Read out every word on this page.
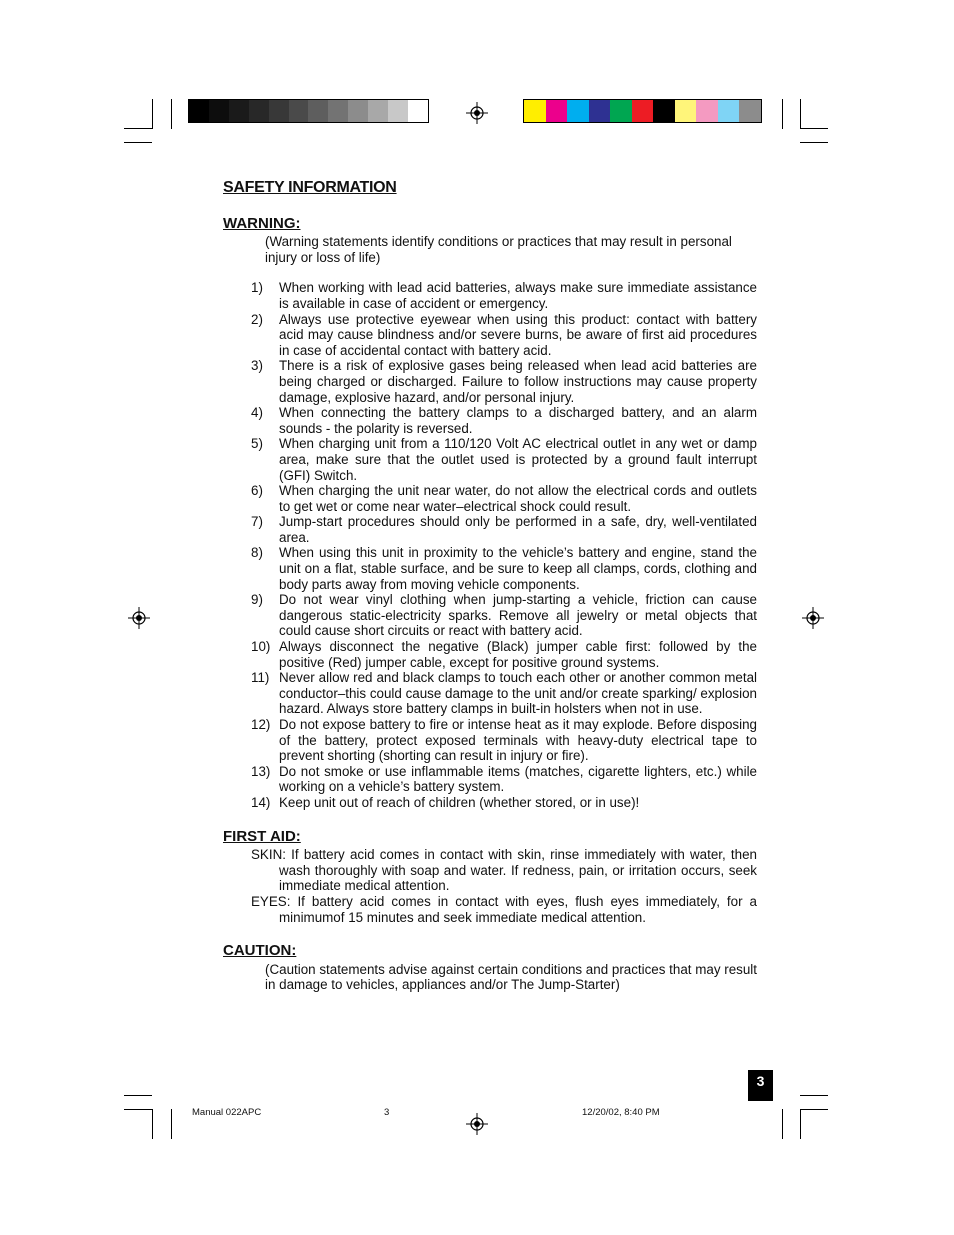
SAFETY INFORMATION
WARNING:
(Warning statements identify conditions or practices that may result in personal injury or loss of life)
1)	When working with lead acid batteries, always make sure immediate assistance is available in case of accident or emergency.
2)	Always use protective eyewear when using this product: contact with battery acid may cause blindness and/or severe burns, be aware of first aid procedures in case of accidental contact with battery acid.
3)	There is a risk of explosive gases being released when lead acid batteries are being charged or discharged. Failure to follow instructions may cause property damage, explosive hazard, and/or personal injury.
4)	When connecting the battery clamps to a discharged battery, and an alarm sounds - the polarity is reversed.
5)	When charging unit from a 110/120 Volt AC electrical outlet in any wet or damp area, make sure that the outlet used is protected by a ground fault interrupt (GFI) Switch.
6)	When charging the unit near water, do not allow the electrical cords and outlets to get wet or come near water–electrical shock could result.
7)	Jump-start procedures should only be performed in a safe, dry, well-ventilated area.
8)	When using this unit in proximity to the vehicle’s battery and engine, stand the unit on a flat, stable surface, and be sure to keep all clamps, cords, clothing and body parts away from moving vehicle components.
9)	Do not wear vinyl clothing when jump-starting a vehicle, friction can cause dangerous static-electricity sparks. Remove all jewelry or metal objects that could cause short circuits or react with battery acid.
10) Always disconnect the negative (Black) jumper cable first: followed by the positive (Red) jumper cable, except for positive ground systems.
11) Never allow red and black clamps to touch each other or another common metal conductor–this could cause damage to the unit and/or create sparking/ explosion hazard. Always store battery clamps in built-in holsters when not in use.
12) Do not expose battery to fire or intense heat as it may explode. Before disposing of the battery, protect exposed terminals with heavy-duty electrical tape to prevent shorting (shorting can result in injury or fire).
13) Do not smoke or use inflammable items (matches, cigarette lighters, etc.) while working on a vehicle’s battery system.
14) Keep unit out of reach of children (whether stored, or in use)!
FIRST AID:
SKIN: If battery acid comes in contact with skin, rinse immediately with water, then wash thoroughly with soap and water. If redness, pain, or irritation occurs, seek immediate medical attention.
EYES: If battery acid comes in contact with eyes, flush eyes immediately, for a minimumof 15 minutes and seek immediate medical attention.
CAUTION:
(Caution statements advise against certain conditions and practices that may result in damage to vehicles, appliances and/or The Jump-Starter)
3
Manual 022APC	3	12/20/02, 8:40 PM
